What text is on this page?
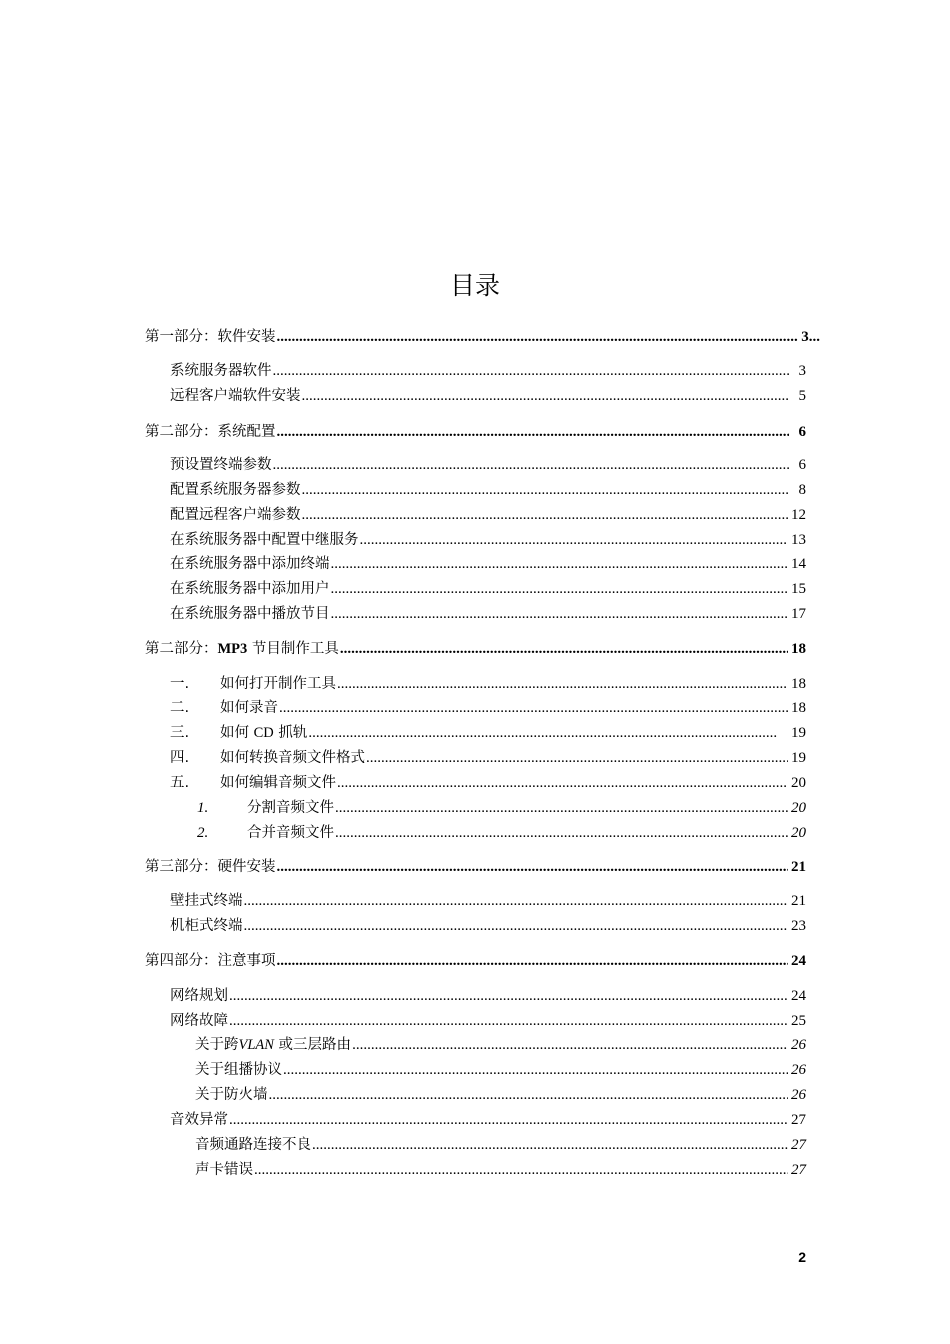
目录
第一部分：软件安装 .....	3...
系统服务器软件 .....	3
远程客户端软件安装 .....	5
第二部分：系统配置 .....	6
预设置终端参数 .....	6
配置系统服务器参数 .....	8
配置远程客户端参数 .....	12
在系统服务器中配置中继服务 .....	13
在系统服务器中添加终端 .....	14
在系统服务器中添加用户 .....	15
在系统服务器中播放节目 .....	17
第二部分：MP3 节目制作工具 .....	18
一.	如何打开制作工具 .....	18
二.	如何录音 .....	18
三.	如何 CD 抓轨 .....	19
四.	如何转换音频文件格式 .....	19
五.	如何编辑音频文件 .....	20
1.	分割音频文件 .....	20
2.	合并音频文件 .....	20
第三部分：硬件安装 .....	21
壁挂式终端 .....	21
机柜式终端 .....	23
第四部分：注意事项 .....	24
网络规划 .....	24
网络故障 .....	25
关于跨VLAN 或三层路由 .....	26
关于组播协议 .....	26
关于防火墙 .....	26
音效异常 .....	27
音频通路连接不良 .....	27
声卡错误 .....	27
2
